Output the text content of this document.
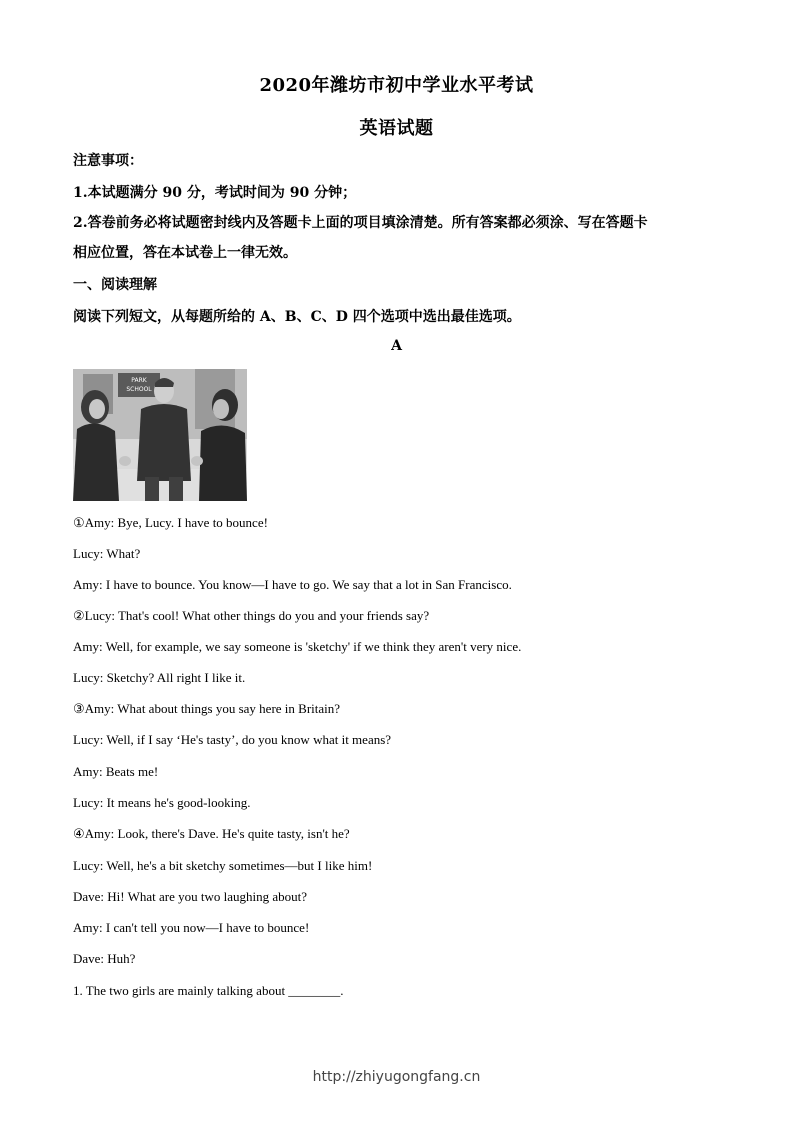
2020年潍坊市初中学业水平考试
英语试题
注意事项：
1.本试题满分 90 分，考试时间为 90 分钟；
2.答卷前务必将试题密封线内及答题卡上面的项目填涂清楚。所有答案都必须涂、写在答题卡
相应位置，答在本试卷上一律无效。
一、阅读理解
阅读下列短文，从每题所给的 A、B、C、D 四个选项中选出最佳选项。
A
PARK
SCHOOL
①Amy: Bye, Lucy. I have to bounce!
Lucy: What?
Amy: I have to bounce. You know—I have to go. We say that a lot in San Francisco.
②Lucy: That's cool! What other things do you and your friends say?
Amy: Well, for example, we say someone is 'sketchy' if we think they aren't very nice.
Lucy: Sketchy? All right I like it.
③Amy: What about things you say here in Britain?
Lucy: Well, if I say ‘He's tasty’, do you know what it means?
Amy: Beats me!
Lucy: It means he's good-looking.
④Amy: Look, there's Dave. He's quite tasty, isn't he?
Lucy: Well, he's a bit sketchy sometimes—but I like him!
Dave: Hi! What are you two laughing about?
Amy: I can't tell you now—I have to bounce!
Dave: Huh?
1. The two girls are mainly talking about ________.
http://zhiyugongfang.cn
